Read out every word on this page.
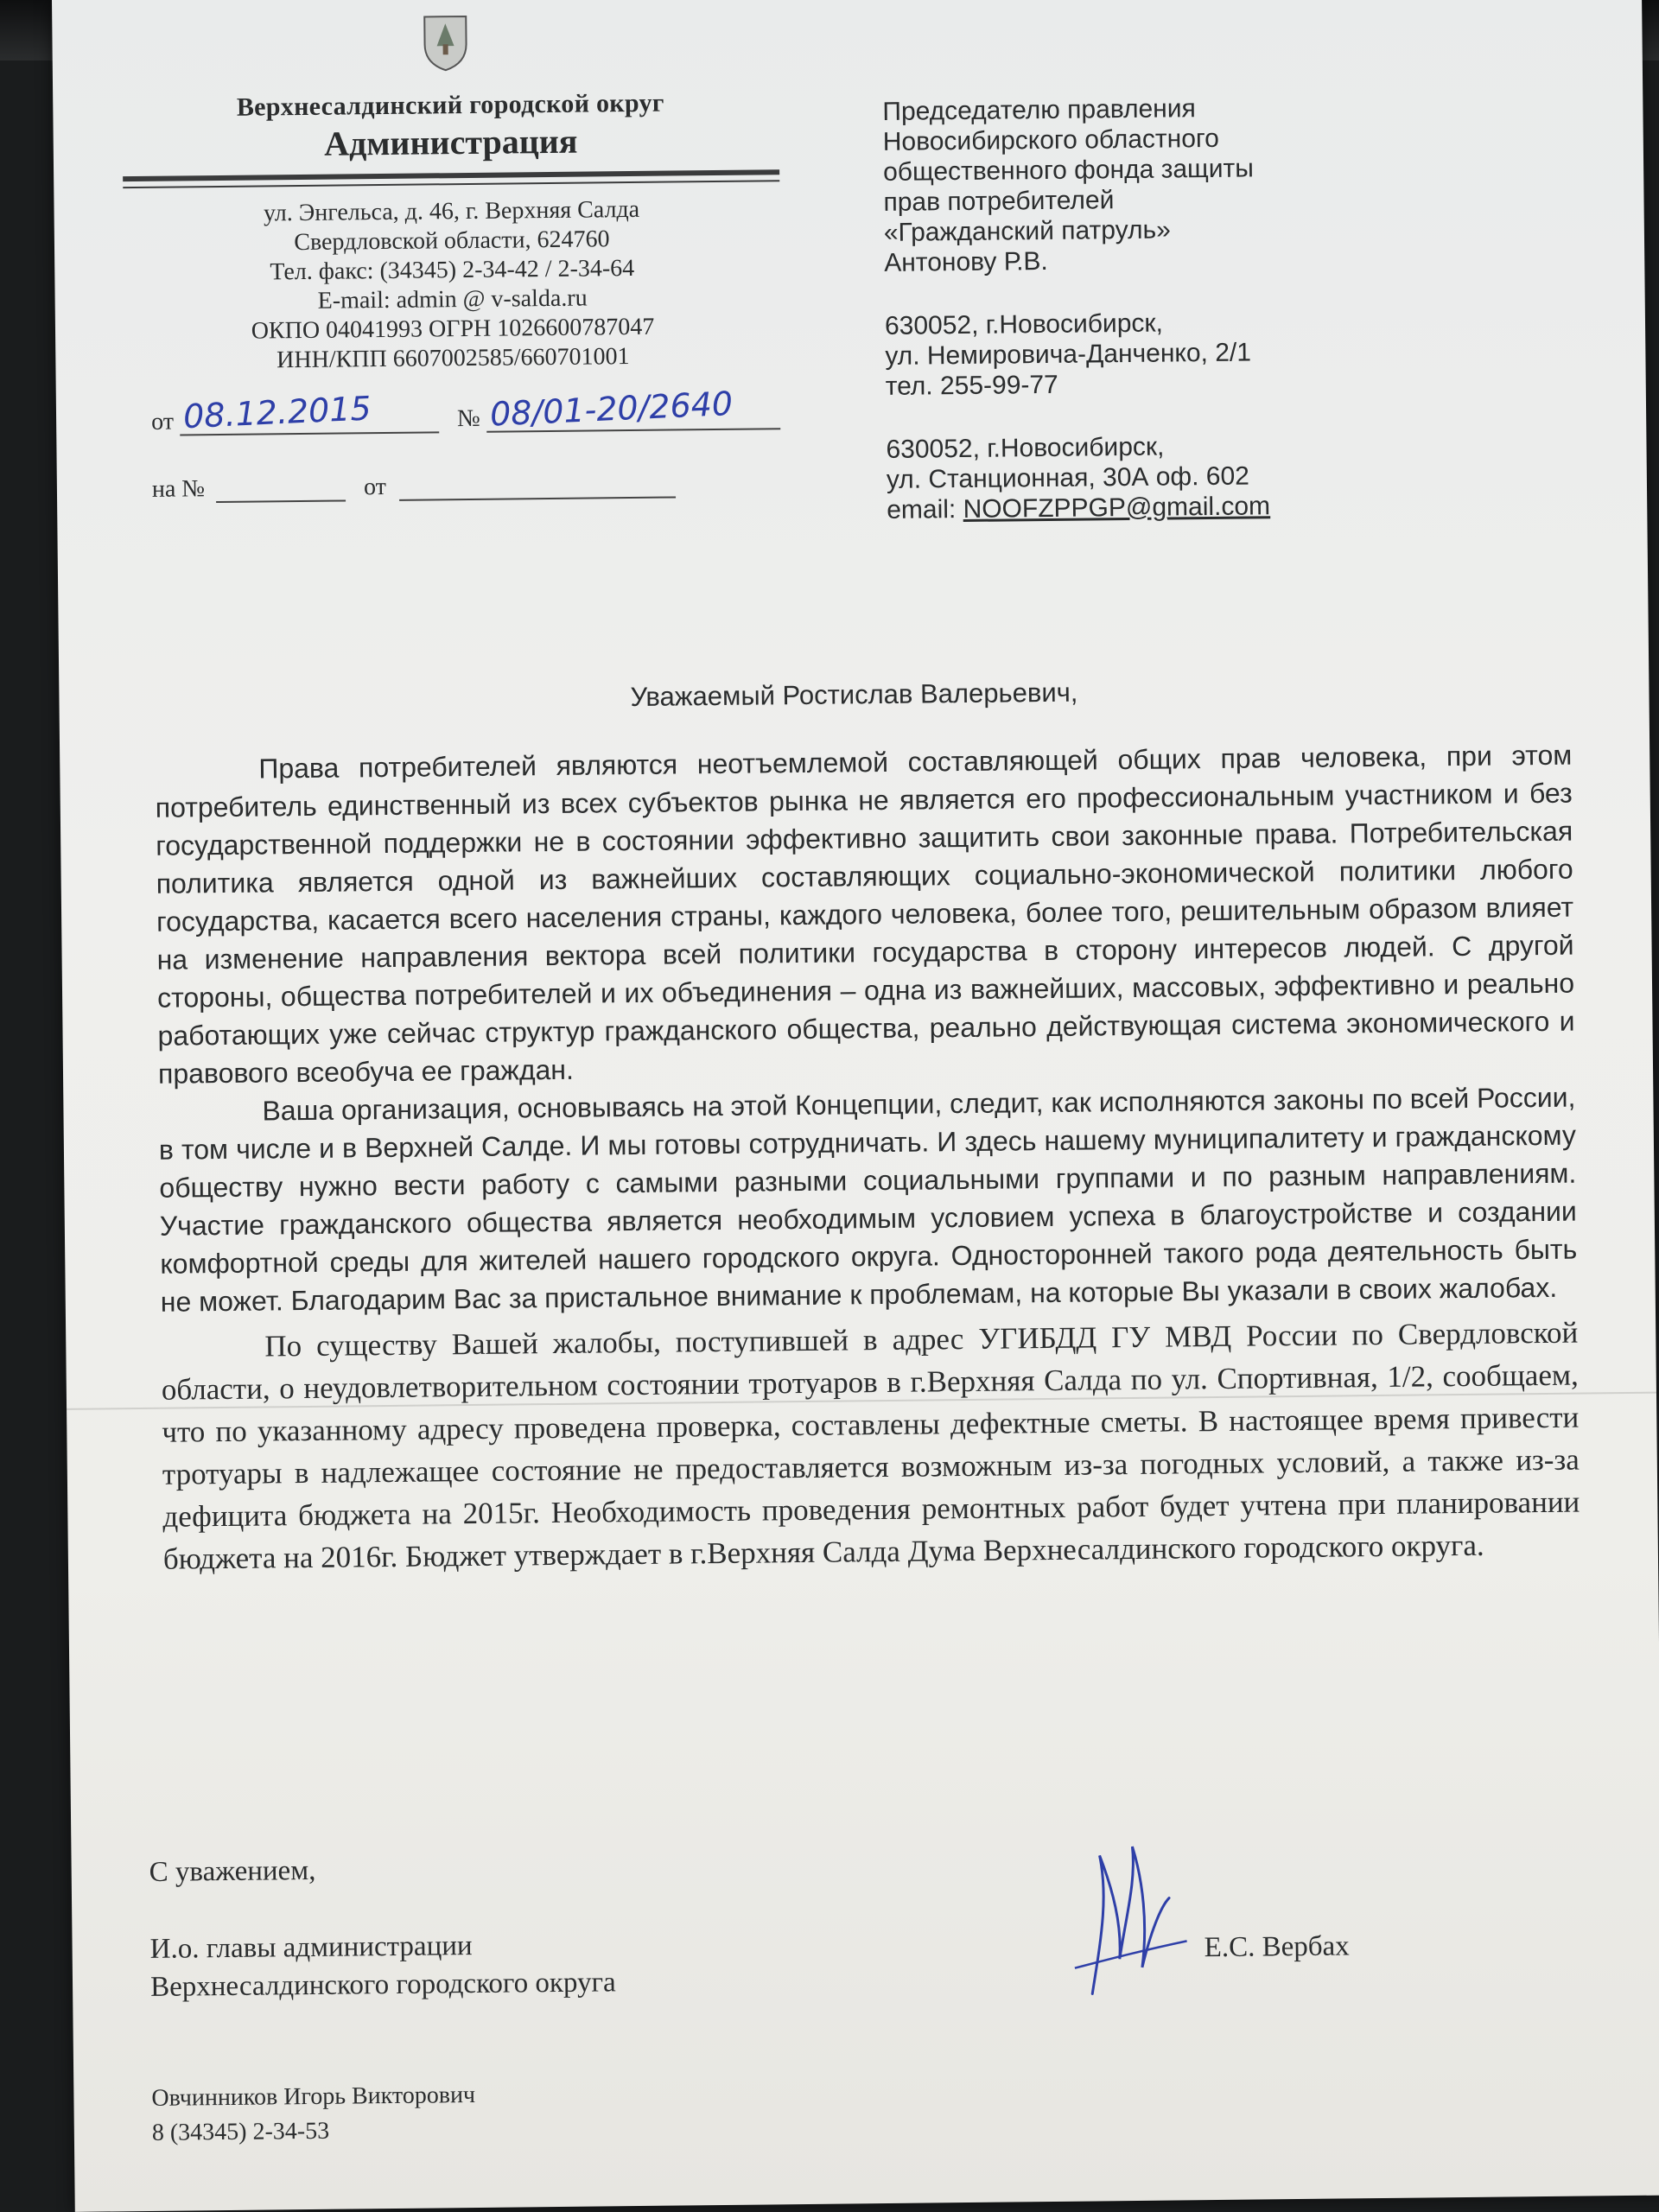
Верхнесалдинский городской округ
Администрация
ул. Энгельса, д. 46, г. Верхняя Салда
Свердловской области, 624760
Тел. факс: (34345) 2-34-42 / 2-34-64
E-mail: admin @ v-salda.ru
ОКПО 04041993 ОГРН 1026600787047
ИНН/КПП 6607002585/660701001
от 08.12.2015	№ 08/01-20/2640
на №	от
Председателю правления
Новосибирского областного
общественного фонда защиты
прав потребителей
«Гражданский патруль»
Антонову Р.В.
630052, г.Новосибирск,
ул. Немировича-Данченко, 2/1
тел. 255-99-77
630052, г.Новосибирск,
ул. Станционная, 30А оф. 602
email: NOOFZPPGP@gmail.com
Уважаемый Ростислав Валерьевич,

Права потребителей являются неотъемлемой составляющей общих прав человека, при этом потребитель единственный из всех субъектов рынка не является его профессиональным участником и без государственной поддержки не в состоянии эффективно защитить свои законные права. Потребительская политика является одной из важнейших составляющих социально-экономической политики любого государства, касается всего населения страны, каждого человека, более того, решительным образом влияет на изменение направления вектора всей политики государства в сторону интересов людей. С другой стороны, общества потребителей и их объединения – одна из важнейших, массовых, эффективно и реально работающих уже сейчас структур гражданского общества, реально действующая система экономического и правового всеобуча ее граждан.

Ваша организация, основываясь на этой Концепции, следит, как исполняются законы по всей России, в том числе и в Верхней Салде. И мы готовы сотрудничать. И здесь нашему муниципалитету и гражданскому обществу нужно вести работу с самыми разными социальными группами и по разным направлениям. Участие гражданского общества является необходимым условием успеха в благоустройстве и создании комфортной среды для жителей нашего городского округа. Односторонней такого рода деятельность быть не может. Благодарим Вас за пристальное внимание к проблемам, на которые Вы указали в своих жалобах.

По существу Вашей жалобы, поступившей в адрес УГИБДД ГУ МВД России по Свердловской области, о неудовлетворительном состоянии тротуаров в г.Верхняя Салда по ул. Спортивная, 1/2, сообщаем, что по указанному адресу проведена проверка, составлены дефектные сметы. В настоящее время привести тротуары в надлежащее состояние не предоставляется возможным из-за погодных условий, а также из-за дефицита бюджета на 2015г. Необходимость проведения ремонтных работ будет учтена при планировании бюджета на 2016г. Бюджет утверждает в г.Верхняя Салда Дума Верхнесалдинского городского округа.

С уважением,
И.о. главы администрации
Верхнесалдинского городского округа
Е.С. Вербах
Овчинников Игорь Викторович
8 (34345) 2-34-53
